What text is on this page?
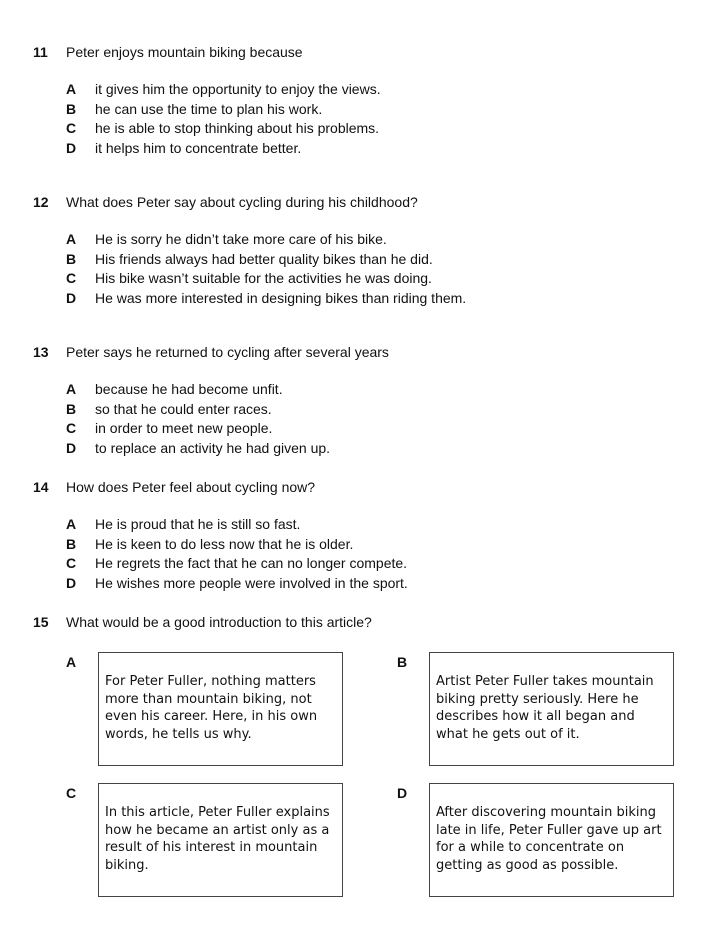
11 Peter enjoys mountain biking because
A it gives him the opportunity to enjoy the views.
B he can use the time to plan his work.
C he is able to stop thinking about his problems.
D it helps him to concentrate better.
12 What does Peter say about cycling during his childhood?
A He is sorry he didn’t take more care of his bike.
B His friends always had better quality bikes than he did.
C His bike wasn’t suitable for the activities he was doing.
D He was more interested in designing bikes than riding them.
13 Peter says he returned to cycling after several years
A because he had become unfit.
B so that he could enter races.
C in order to meet new people.
D to replace an activity he had given up.
14 How does Peter feel about cycling now?
A He is proud that he is still so fast.
B He is keen to do less now that he is older.
C He regrets the fact that he can no longer compete.
D He wishes more people were involved in the sport.
15 What would be a good introduction to this article?
A
For Peter Fuller, nothing matters
more than mountain biking, not
even his career. Here, in his own
words, he tells us why.
B
Artist Peter Fuller takes mountain
biking pretty seriously. Here he
describes how it all began and
what he gets out of it.
C
In this article, Peter Fuller explains
how he became an artist only as a
result of his interest in mountain
biking.
D
After discovering mountain biking
late in life, Peter Fuller gave up art
for a while to concentrate on
getting as good as possible.
